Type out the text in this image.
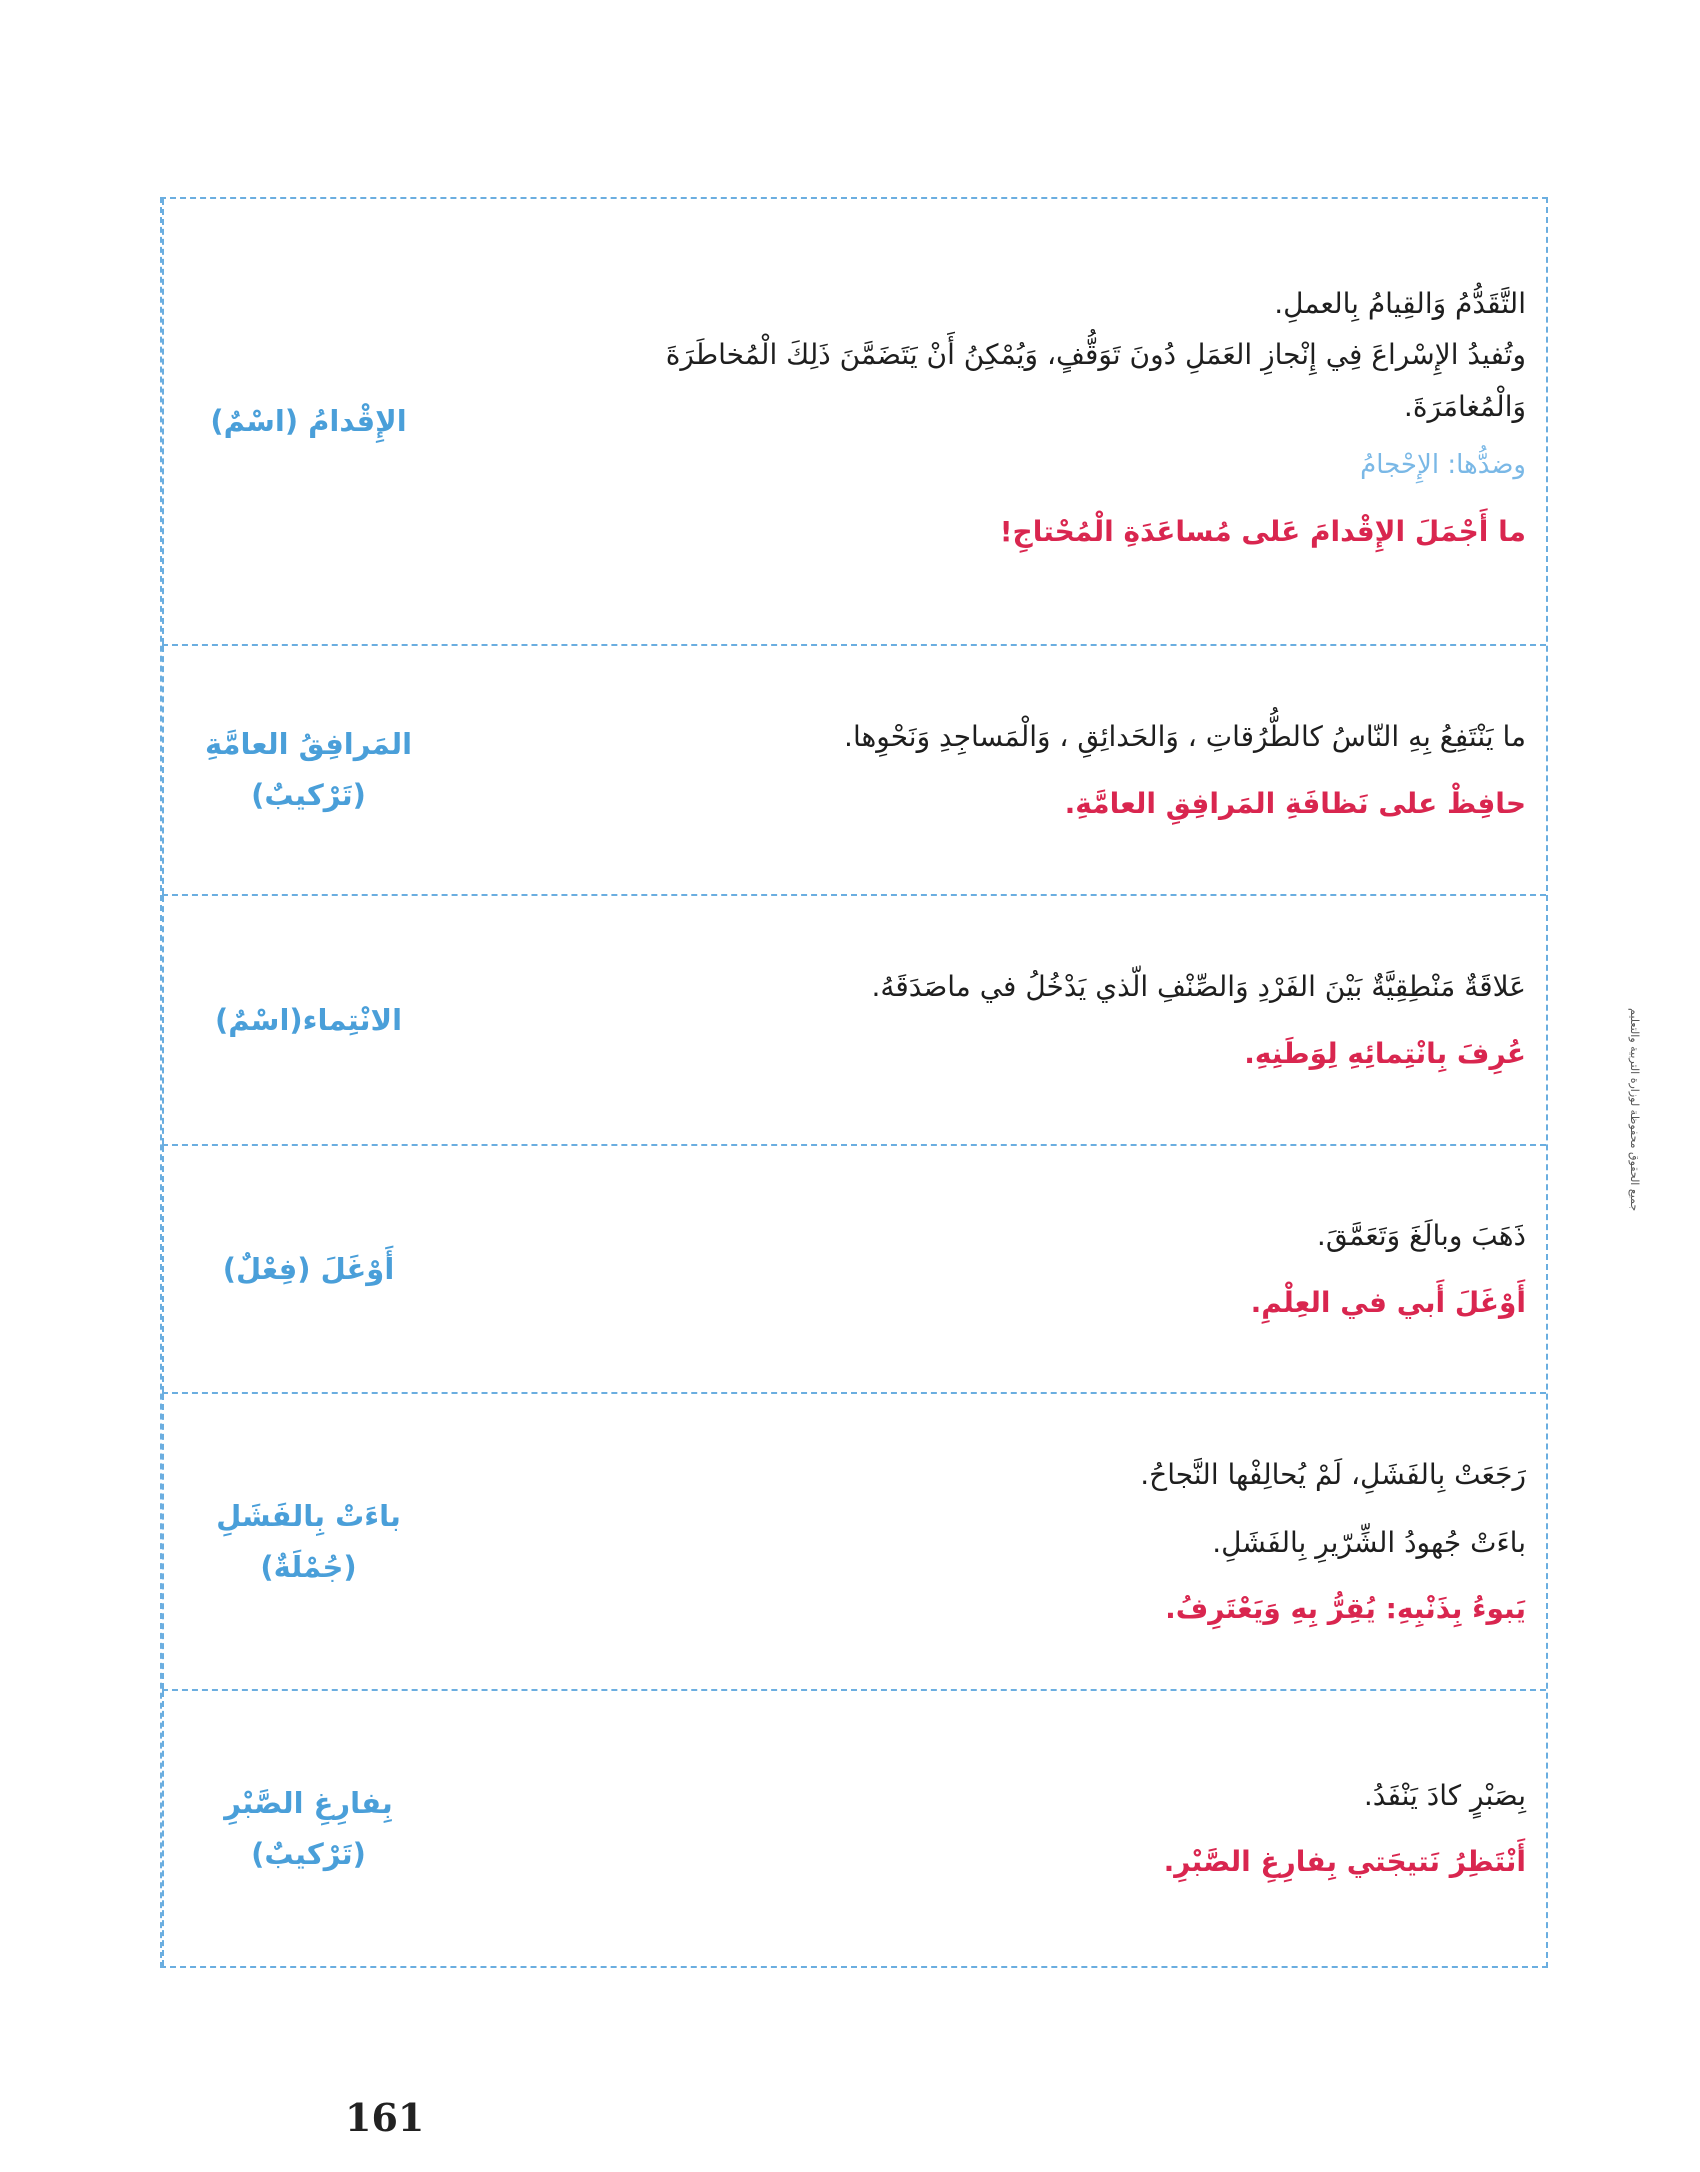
الإِقْدامُ (اسْمٌ)
التَّقَدُّمُ وَالقِيامُ بِالعملِ.
وتُفيدُ الإِسْراعَ فِي إِنْجازِ العَمَلِ دُونَ تَوَقُّفٍ، وَيُمْكِنُ أَنْ يَتَضَمَّنَ ذَلِكَ الْمُخاطَرَةَ
وَالْمُغامَرَةَ.
وضدُّها: الإِحْجامُ
ما أَجْمَلَ الإِقْدامَ عَلى مُساعَدَةِ الْمُحْتاجِ!
المَرافِقُ العامَّةِ
(تَرْكيبٌ)
ما يَنْتَفِعُ بِهِ النّاسُ كالطُّرُقاتِ ، وَالحَدائِقِ ، وَالْمَساجِدِ وَنَحْوِها.
حافِظْ على نَظافَةِ المَرافِقِ العامَّةِ.
الانْتِماء(اسْمٌ)
عَلاقَةٌ مَنْطِقِيَّةٌ بَيْنَ الفَرْدِ وَالصِّنْفِ الّذي يَدْخُلُ في ماصَدَقَهُ.
عُرِفَ بِانْتِمائِهِ لِوَطَنِهِ.
أَوْغَلَ (فِعْلٌ)
ذَهَبَ وبالَغَ وَتَعَمَّقَ.
أَوْغَلَ أَبي في العِلْمِ.
باءَتْ بِالفَشَلِ
(جُمْلَةٌ)
رَجَعَتْ بِالفَشَلِ، لَمْ يُحالِفْها النَّجاحُ.
باءَتْ جُهودُ الشِّرّيرِ بِالفَشَلِ.
يَبوءُ بِذَنْبِهِ: يُقِرُّ بِهِ وَيَعْتَرِفُ.
بِفارِغِ الصَّبْرِ
(تَرْكيبٌ)
بِصَبْرٍ كادَ يَنْفَدُ.
أَنْتَظِرُ نَتيجَتي بِفارِغِ الصَّبْرِ.
جميع الحقوق محفوظة لوزارة التربية والتعليم
161
